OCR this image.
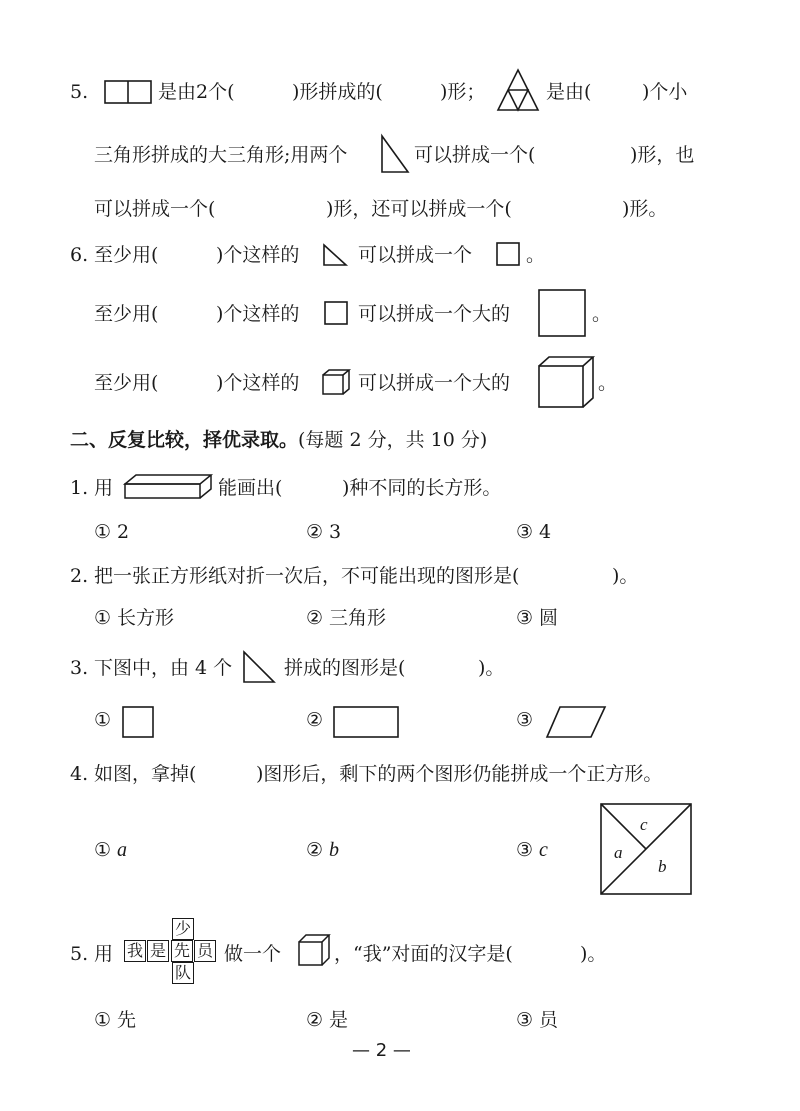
5.	是由2个(	)形拼成的(	)形；	是由(	)个小
三角形拼成的大三角形;用两个	可以拼成一个(	)形，也
可以拼成一个(	)形，还可以拼成一个(	)形。
6. 至少用(	)个这样的	可以拼成一个	。
至少用(	)个这样的	可以拼成一个大的	。
至少用(	)个这样的	可以拼成一个大的	。
二、反复比较，择优录取。(每题 2 分，共 10 分)
1. 用	能画出(	)种不同的长方形。
① 2	② 3	③ 4
2. 把一张正方形纸对折一次后，不可能出现的图形是(	)。
① 长方形	② 三角形	③ 圆
3. 下图中，由 4 个	拼成的图形是(	)。
①	②	③
4. 如图，拿掉(	)图形后，剩下的两个图形仍能拼成一个正方形。
① a	② b	③ c
c
a
b
5. 用
少
我 是 先 员
队
做一个	，“我”对面的汉字是(	)。
① 先	② 是	③ 员
— 2 —
